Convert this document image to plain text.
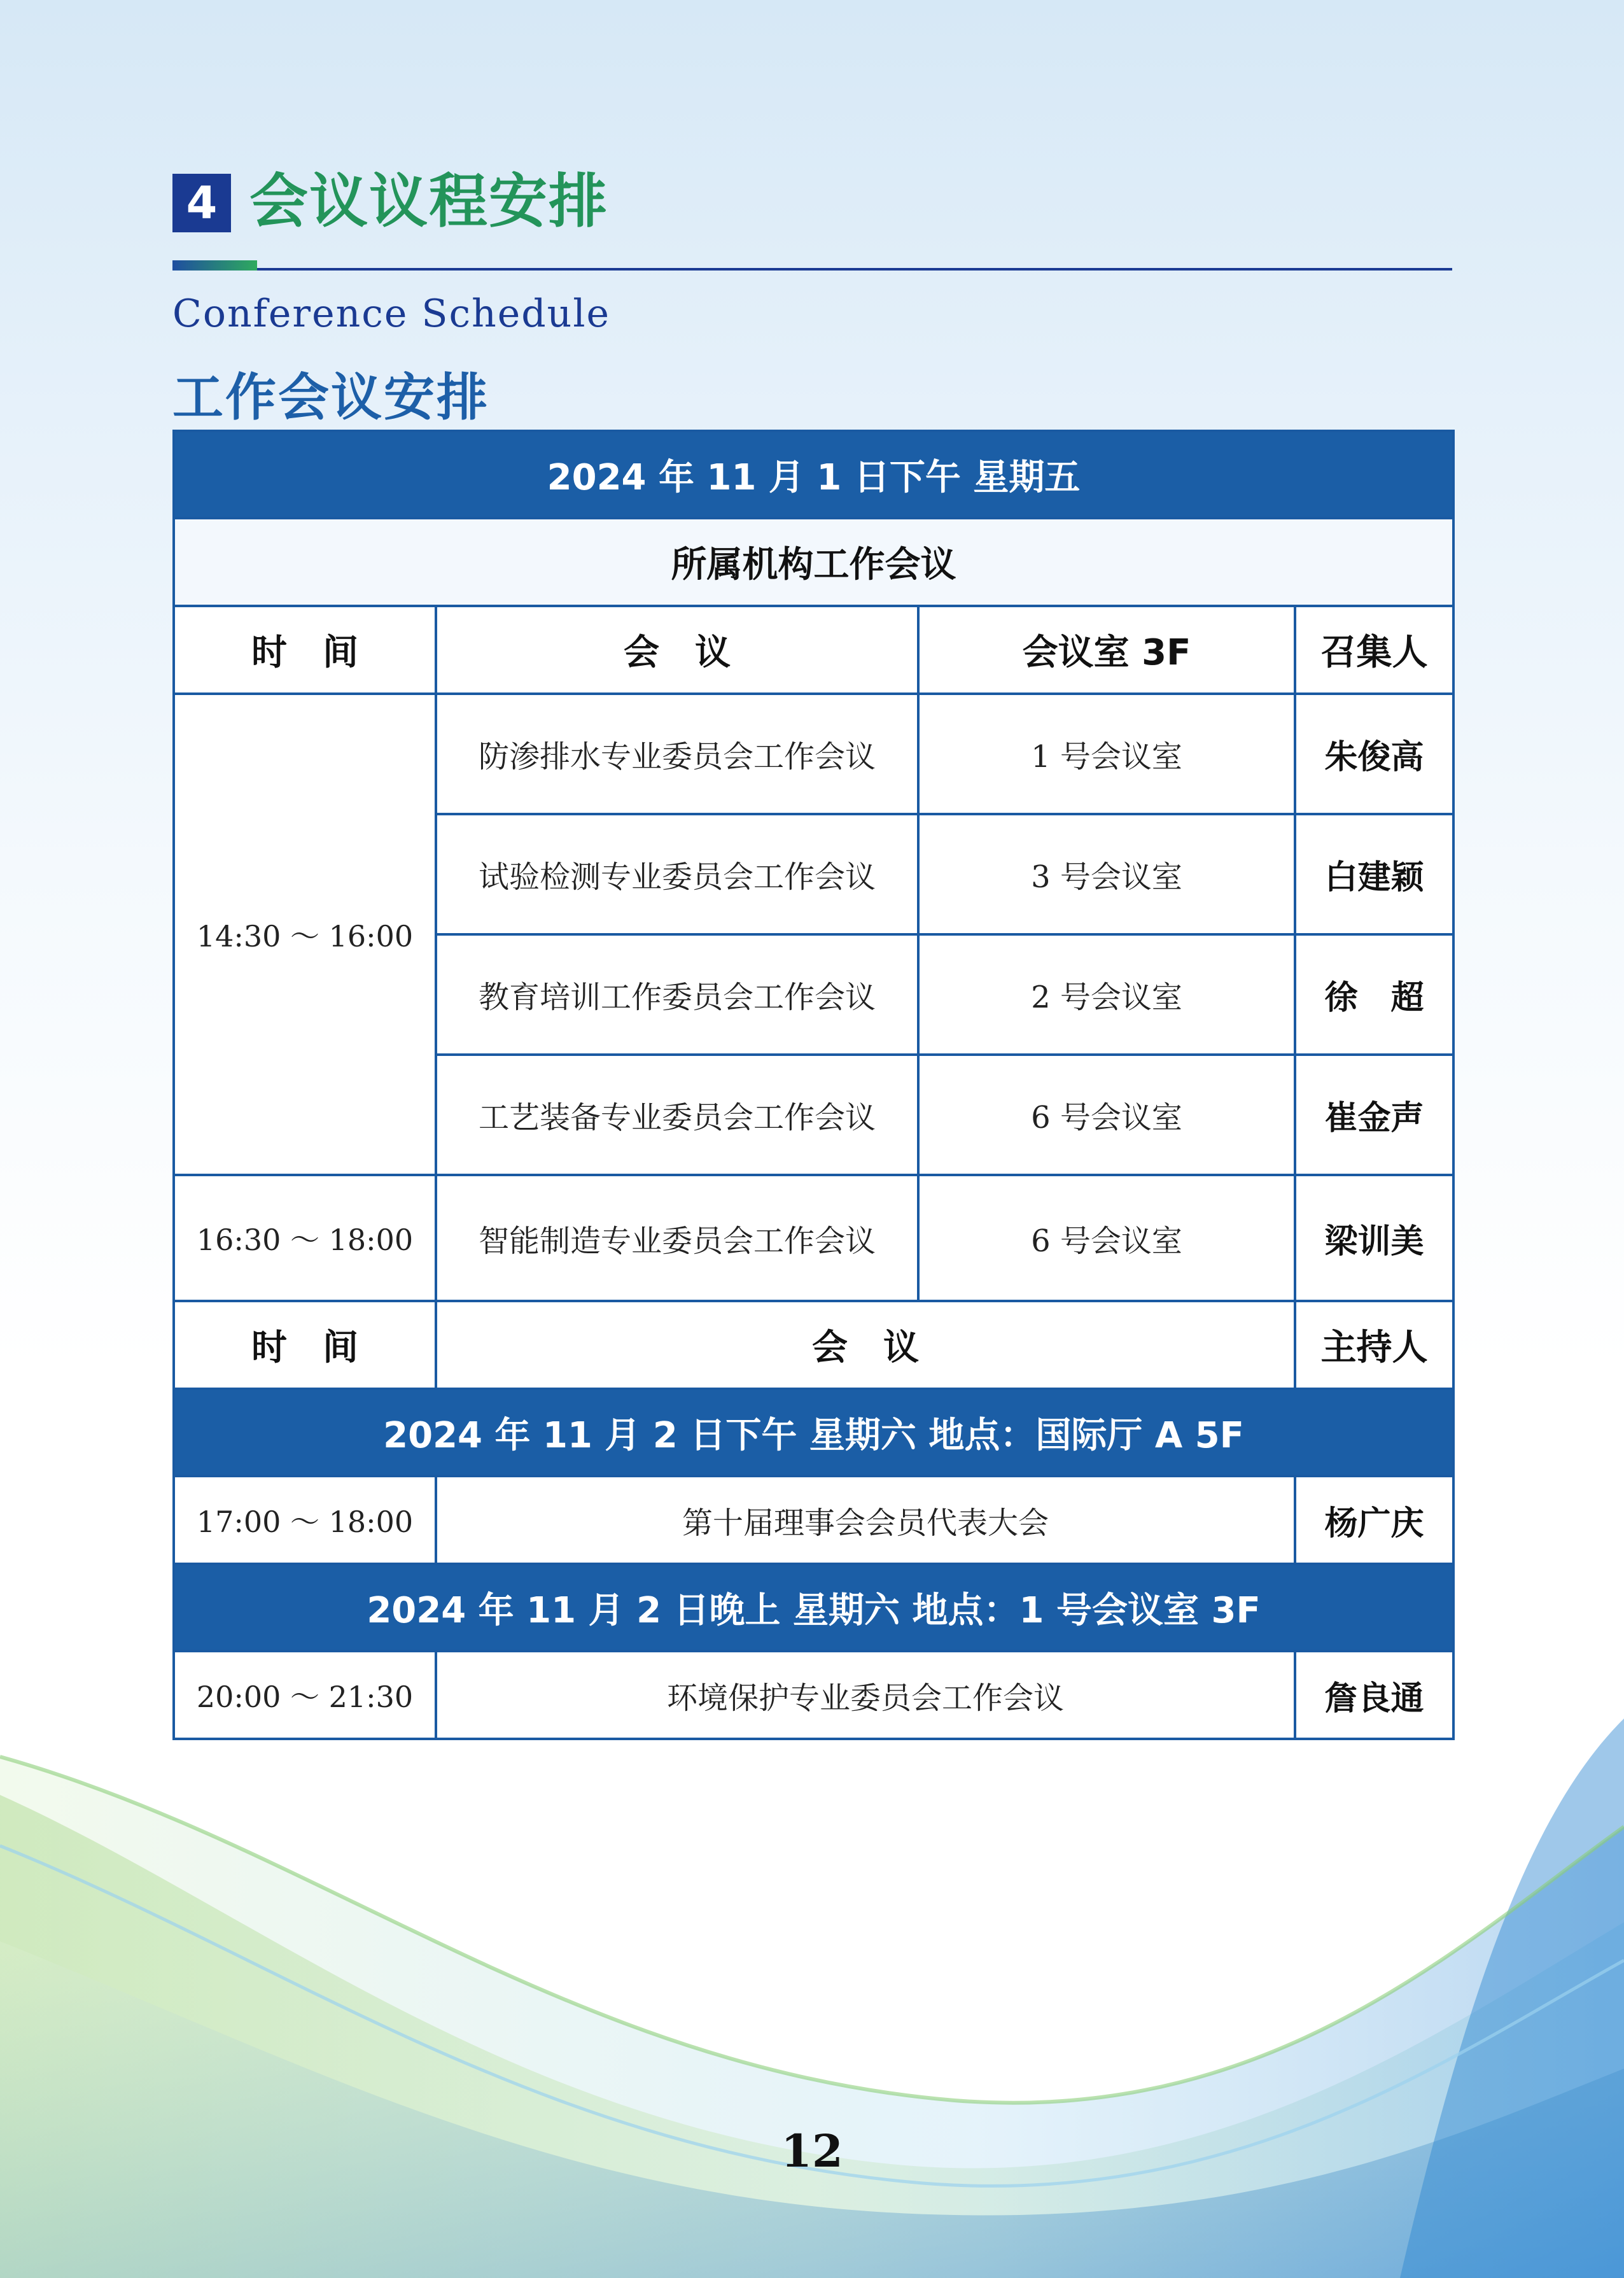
4 会议议程安排
Conference Schedule
工作会议安排
2024 年 11 月 1 日下午 星期五			
所属机构工作会议			
时　间	会　议	会议室 3F	召集人
14:30 ～ 16:00	防渗排水专业委员会工作会议	1 号会议室	朱俊高
	试验检测专业委员会工作会议	3 号会议室	白建颖
	教育培训工作委员会工作会议	2 号会议室	徐　超
	工艺装备专业委员会工作会议	6 号会议室	崔金声
16:30 ～ 18:00	智能制造专业委员会工作会议	6 号会议室	梁训美
时　间	会　议		主持人
2024 年 11 月 2 日下午 星期六 地点：国际厅 A 5F			
17:00 ～ 18:00	第十届理事会会员代表大会		杨广庆
2024 年 11 月 2 日晚上 星期六 地点：1 号会议室 3F			
20:00 ～ 21:30	环境保护专业委员会工作会议		詹良通
12
